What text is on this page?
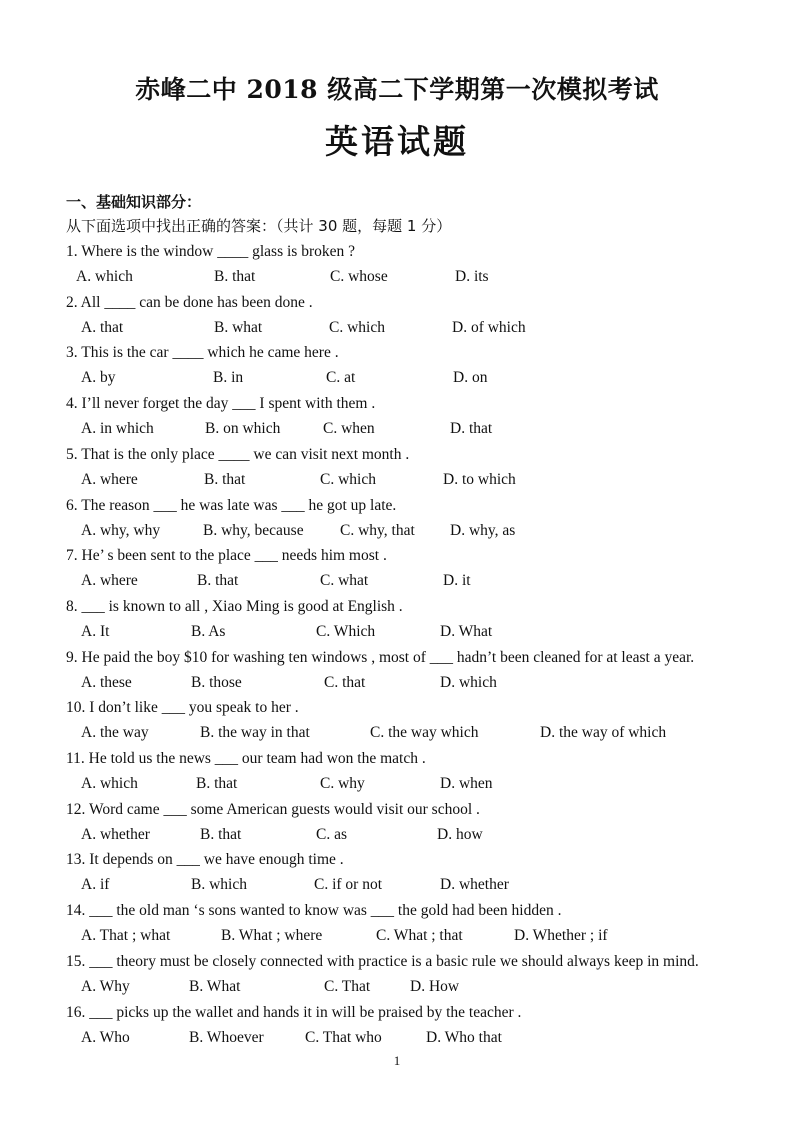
赤峰二中 2018 级高二下学期第一次模拟考试
英语试题
一、基础知识部分：
从下面选项中找出正确的答案：（共计 30 题，每题 1 分）
1. Where is the window ____ glass is broken ?
A. which	B. that	C. whose	D. its
2. All ____ can be done has been done .
A. that	B. what	C. which	D. of which
3. This is the car ____ which he came here .
A. by	B. in	C. at	D. on
4. I’ll never forget the day ___ I spent with them .
A. in which	B. on which	C. when	D. that
5. That is the only place ____ we can visit next month .
A. where	B. that	C. which	D. to which
6. The reason ___ he was late was ___ he got up late.
A. why, why	B. why, because C. why, that D. why, as
7. He’ s been sent to the place ___ needs him most .
A. where	B. that	C. what	D. it
8. ___ is known to all , Xiao Ming is good at English .
A. It	B. As	C. Which	D. What
9. He paid the boy $10 for washing ten windows , most of ___ hadn’t been cleaned for at least a year.
A. these	B. those	C. that	D. which
10. I don’t like ___ you speak to her .
A. the way	B. the way in that	C. the way which	D. the way of which
11. He told us the news ___ our team had won the match .
A. which	B. that	C. why	D. when
12. Word came ___ some American guests would visit our school .
A. whether	B. that	C. as	D. how
13. It depends on ___ we have enough time .
A. if	B. which	C. if or not	D. whether
14. ___ the old man ‘s sons wanted to know was ___ the gold had been hidden .
A. That ; what	B. What ; where	C. What ; that	D. Whether ; if
15. ___ theory must be closely connected with practice is a basic rule we should always keep in mind.
A. Why	B. What	C. That	D. How
16. ___ picks up the wallet and hands it in will be praised by the teacher .
A. Who	B. Whoever	C. That who	D. Who that
1
